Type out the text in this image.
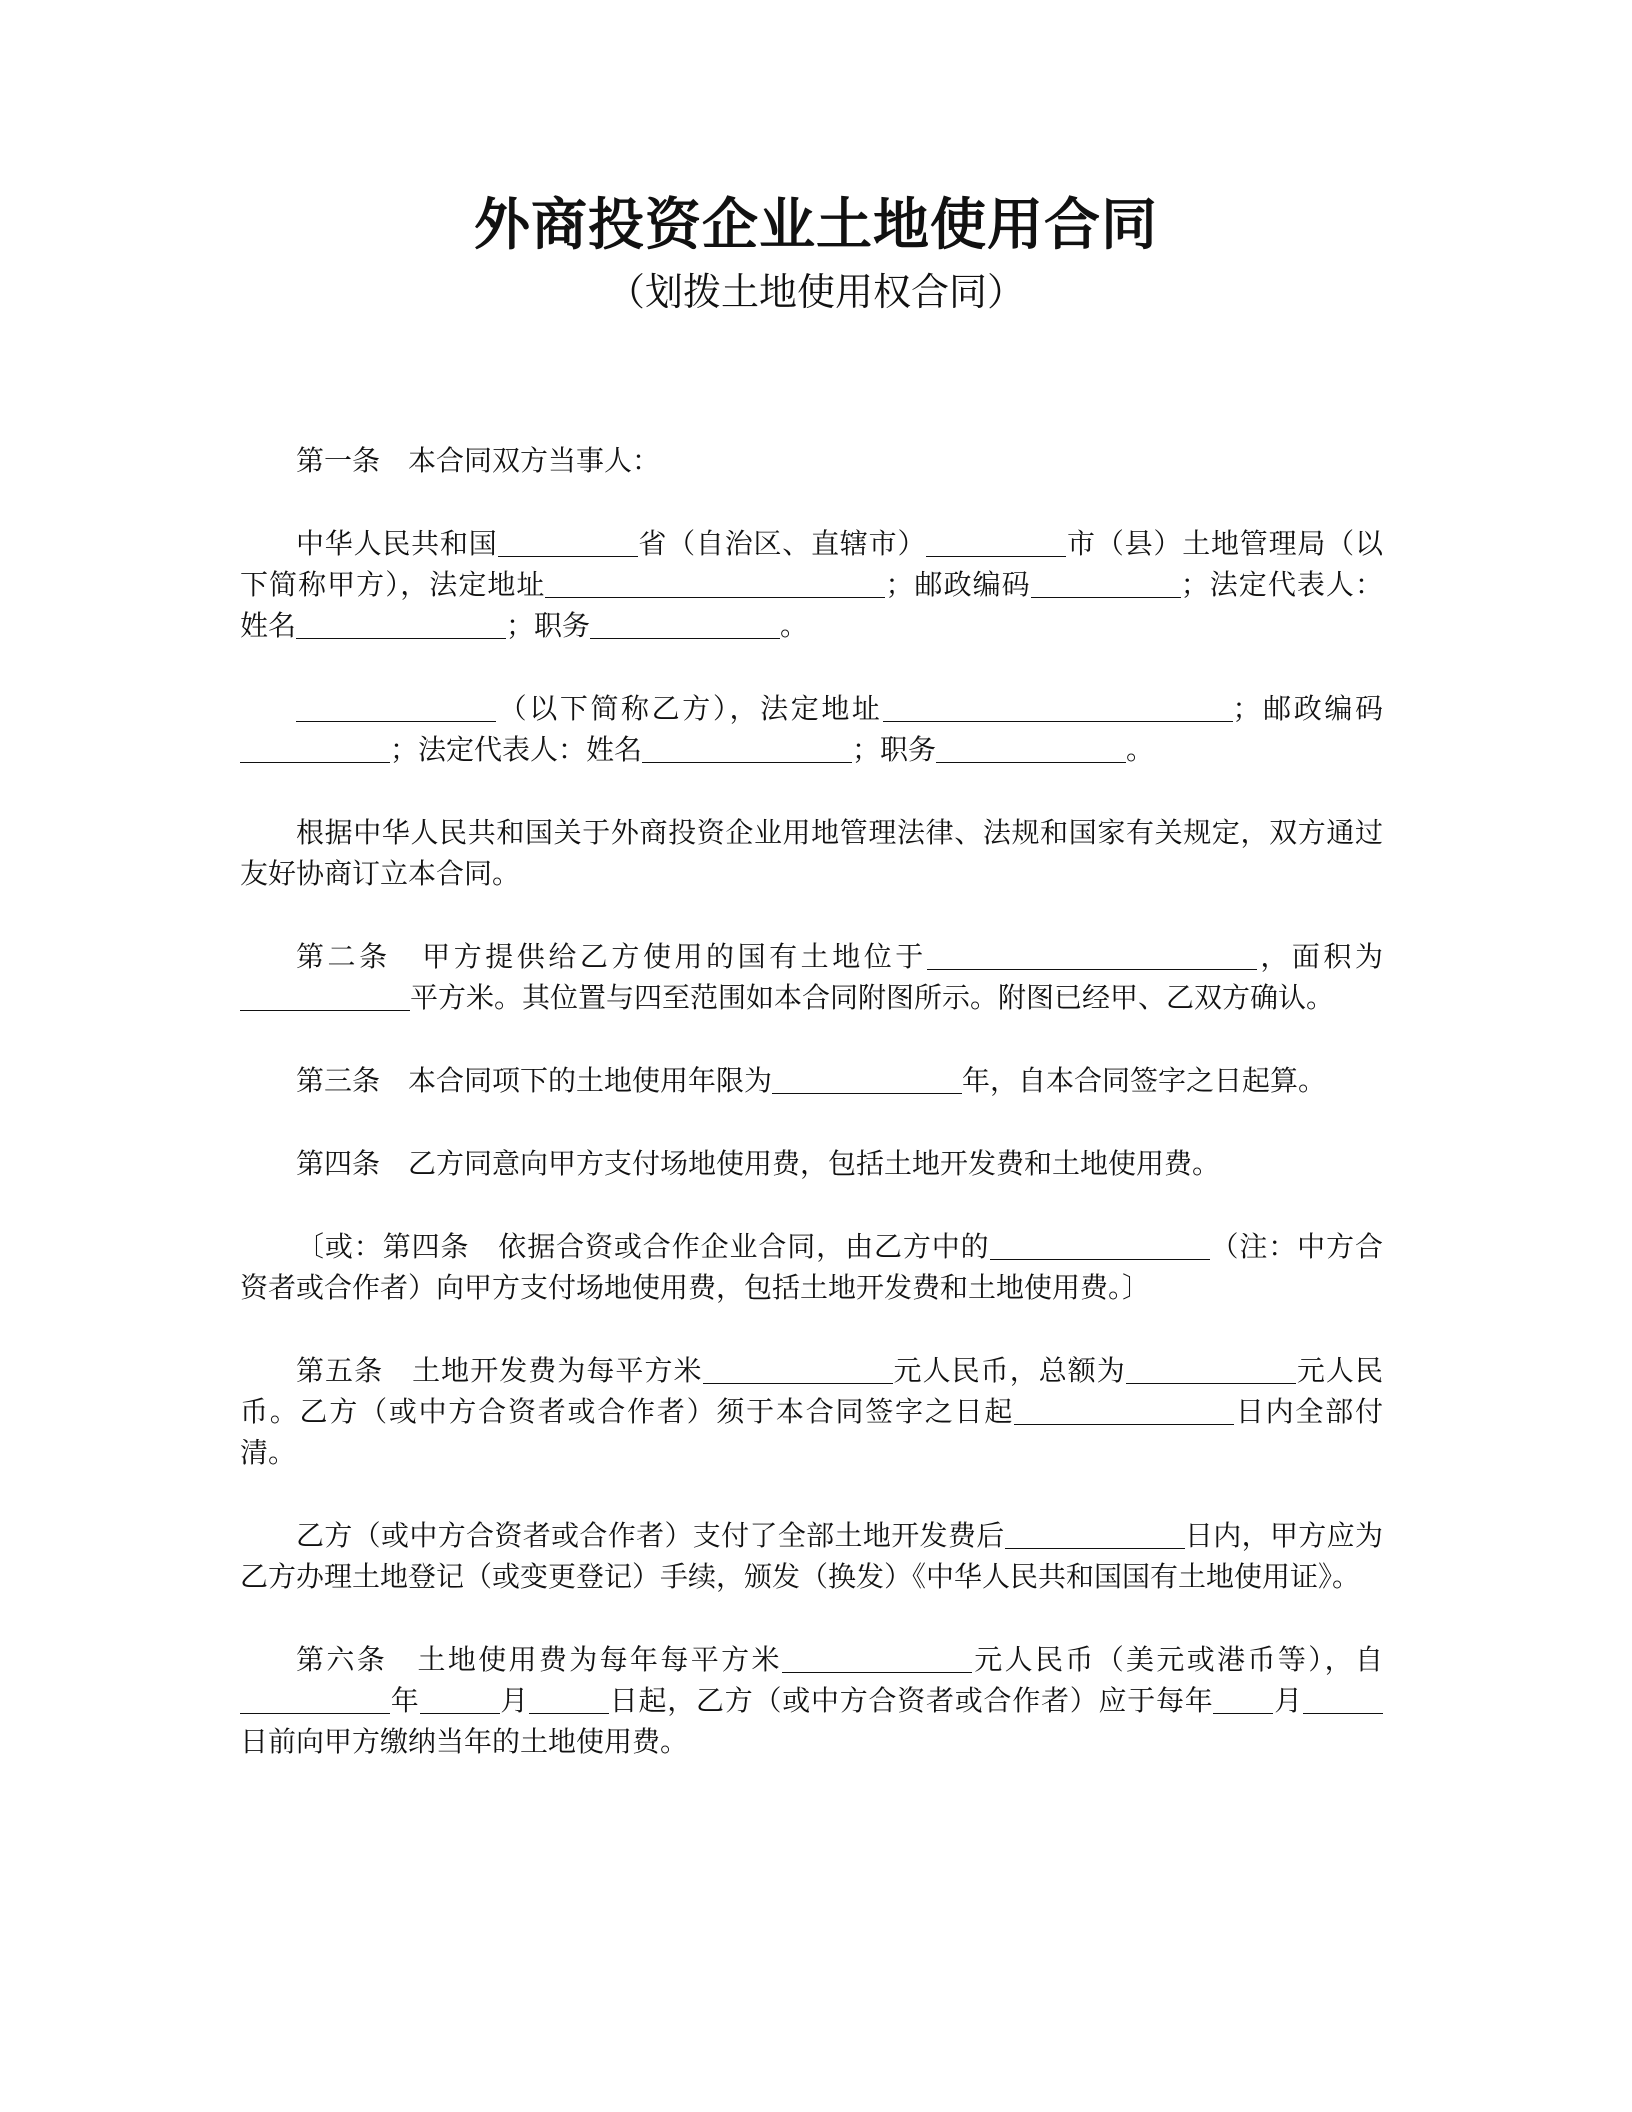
外商投资企业土地使用合同
（划拨土地使用权合同）

第一条　本合同双方当事人：

中华人民共和国	省（自治区、直辖市）	市（县）土地管理局（以下简称甲方），法定地址	；邮政编码	；法定代表人：姓名	；职务	。

（以下简称乙方），法定地址	；邮政编码；法定代表人：姓名	；职务	。

根据中华人民共和国关于外商投资企业用地管理法律、法规和国家有关规定，双方通过友好协商订立本合同。

第二条　甲方提供给乙方使用的国有土地位于	，面积为平方米。其位置与四至范围如本合同附图所示。附图已经甲、乙双方确认。

第三条　本合同项下的土地使用年限为	年，自本合同签字之日起算。

第四条　乙方同意向甲方支付场地使用费，包括土地开发费和土地使用费。

〔或：第四条　依据合资或合作企业合同，由乙方中的	（注：中方合资者或合作者）向甲方支付场地使用费，包括土地开发费和土地使用费。〕

第五条　土地开发费为每平方米	元人民币，总额为	元人民币。乙方（或中方合资者或合作者）须于本合同签字之日起	日内全部付清。

乙方（或中方合资者或合作者）支付了全部土地开发费后	日内，甲方应为乙方办理土地登记（或变更登记）手续，颁发（换发）《中华人民共和国国有土地使用证》。

第六条　土地使用费为每年每平方米	元人民币（美元或港币等），自年	月	日起，乙方（或中方合资者或合作者）应于每年 月日前向甲方缴纳当年的土地使用费。
